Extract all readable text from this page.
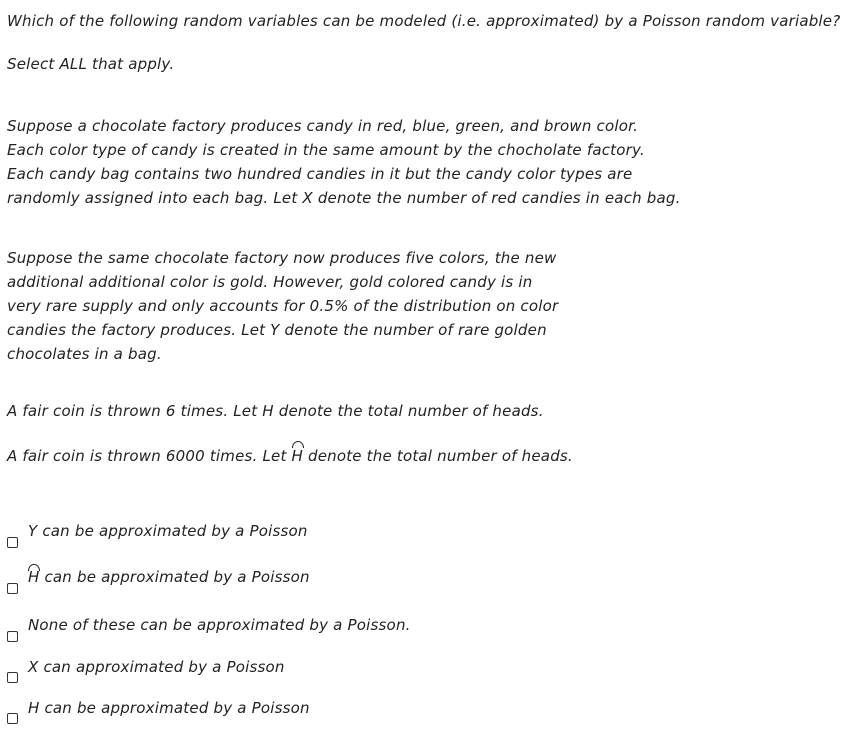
Which of the following random variables can be modeled (i.e. approximated) by a Poisson random variable?

Select ALL that apply.

Suppose a chocolate factory produces candy in red, blue, green, and brown color.
Each color type of candy is created in the same amount by the chocholate factory.
Each candy bag contains two hundred candies in it but the candy color types are
randomly assigned into each bag. Let X denote the number of red candies in each bag.

Suppose the same chocolate factory now produces five colors, the new
additional additional color is gold. However, gold colored candy is in
very rare supply and only accounts for 0.5% of the distribution on color
candies the factory produces. Let Y denote the number of rare golden
chocolates in a bag.

A fair coin is thrown 6 times. Let H denote the total number of heads.

A fair coin is thrown 6000 times. Let H denote the total number of heads.

Y can be approximated by a Poisson
H can be approximated by a Poisson
None of these can be approximated by a Poisson.
X can approximated by a Poisson
H can be approximated by a Poisson
